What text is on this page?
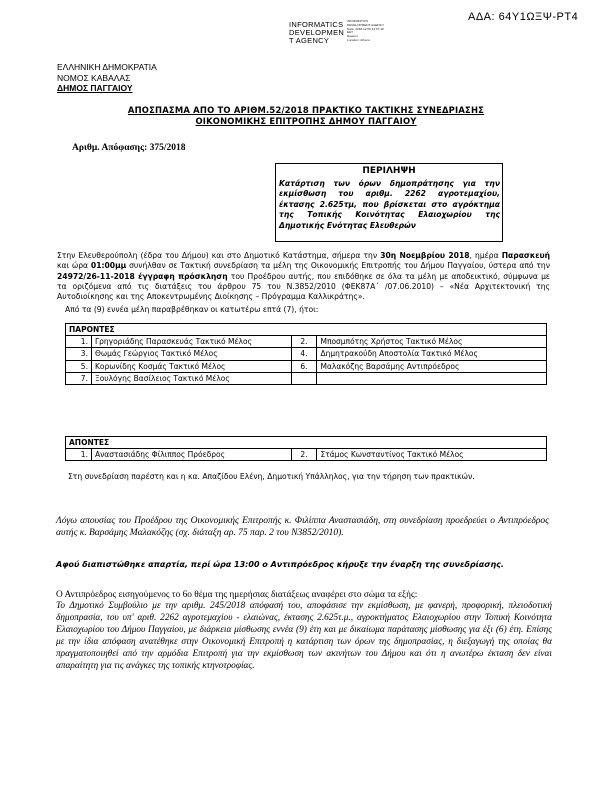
ΑΔΑ: 64Υ1ΩΞΨ-ΡΤ4
INFORMATICS
DEVELOPMEN
T AGENCY
INFORMATICS
DEVELOPMENT AGENCY
Date: 2018.12.05 13:37:18
EET
Reason:
Location: Athens
ΕΛΛΗΝΙΚΗ ΔΗΜΟΚΡΑΤΙΑ
ΝΟΜΟΣ ΚΑΒΑΛΑΣ
ΔΗΜΟΣ ΠΑΓΓΑΙΟΥ
ΑΠΟΣΠΑΣΜΑ ΑΠΟ ΤΟ ΑΡΙΘΜ.52/2018 ΠΡΑΚΤΙΚΟ ΤΑΚΤΙΚΗΣ ΣΥΝΕΔΡΙΑΣΗΣ
ΟΙΚΟΝΟΜΙΚΗΣ ΕΠΙΤΡΟΠΗΣ ΔΗΜΟΥ ΠΑΓΓΑΙΟΥ
Αριθμ. Απόφασης: 375/2018
ΠΕΡΙΛΗΨΗ
Κατάρτιση των όρων δημοπράτησης για την εκμίσθωση του αριθμ. 2262 αγροτεμαχίου, έκτασης 2.625τμ, που βρίσκεται στο αγρόκτημα της Τοπικής Κοινότητας Ελαιοχωρίου της Δημοτικής Ενότητας Ελευθερών
Στην Ελευθερούπολη (έδρα του Δήμου) και στο Δημοτικό Κατάστημα, σήμερα την 30η Νοεμβρίου 2018, ημέρα Παρασκευή και ώρα 01:00μμ συνήλθαν σε Τακτική συνεδρίαση τα μέλη της Οικονομικής Επιτροπής του Δήμου Παγγαίου, ύστερα από την 24972/26-11-2018 έγγραφη πρόσκληση του Προέδρου αυτής, που επιδόθηκε σε όλα τα μέλη με αποδεικτικό, σύμφωνα με τα οριζόμενα από τις διατάξεις του άρθρου 75 του Ν.3852/2010 (ΦΕΚ87Α΄ /07.06.2010) – «Νέα Αρχιτεκτονική της Αυτοδιοίκησης και της Αποκεντρωμένης Διοίκησης – Πρόγραμμα Καλλικράτης».
Από τα (9) εννέα μέλη παραβρέθηκαν οι κατωτέρω επτά (7), ήτοι:
ΠΑΡΟΝΤΕΣ			
1.	Γρηγοριάδης Παρασκευάς Τακτικό Μέλος	2.	Μποσμπότης Χρήστος Τακτικό Μέλος
3.	Θωμάς Γεώργιος Τακτικό Μέλος	4.	Δημητρακούδη Αποστολία Τακτικό Μέλος
5.	Κορωνίδης Κοσμάς Τακτικό Μέλος	6.	Μαλακόζης Βαρσάμης Αντιπρόεδρος
7.	Ξουλόγης Βασίλειος Τακτικό Μέλος		
ΑΠΟΝΤΕΣ
1.	Αναστασιάδης Φίλιππος Πρόεδρος	2.	Στάμος Κωνσταντίνος Τακτικό Μέλος
Στη συνεδρίαση παρέστη και η κα. Απαζίδου Ελένη, Δημοτική Υπάλληλος, για την τήρηση των πρακτικών.
Λόγω απουσίας του Προέδρου της Οικονομικής Επιτροπής κ. Φιλίππα Αναστασιάδη, στη συνεδρίαση προεδρεύει ο Αντιπρόεδρος αυτής κ. Βαρσάμης Μαλακόζης (σχ. διάταξη αρ. 75 παρ. 2 του Ν3852/2010).
Αφού διαπιστώθηκε απαρτία, περί ώρα 13:00 ο Αντιπρόεδρος κήρυξε την έναρξη της συνεδρίασης.
Ο Αντιπρόεδρος εισηγούμενος το 6ο θέμα της ημερήσιας διατάξεως αναφέρει στο σώμα τα εξής:
Το Δημοτικό Συμβούλιο με την αριθμ. 245/2018 απόφασή του, αποφάσισε την εκμίσθωση, με φανερή, προφορική, πλειοδοτική δημοπρασία, του υπ' αριθ. 2262 αγροτεμαχίου - ελαιώνας, έκτασης 2.625τ.μ., αγροκτήματος Ελαιοχωρίου στην Τοπική Κοινότητα Ελαιοχωρίου του Δήμου Παγγαίου, με διάρκεια μίσθωσης εννέα (9) έτη και με δικαίωμα παράτασης μίσθωσης για έξι (6) έτη. Επίσης με την ίδια απόφαση ανατέθηκε στην Οικονομική Επιτροπή η κατάρτιση των όρων της δημοπρασίας, η διεξαγωγή της οποίας θα πραγματοποιηθεί από την αρμόδια Επιτροπή για την εκμίσθωση των ακινήτων του Δήμου και ότι η ανωτέρω έκταση δεν είναι απαραίτητη για τις ανάγκες της τοπικής κτηνοτροφίας.
